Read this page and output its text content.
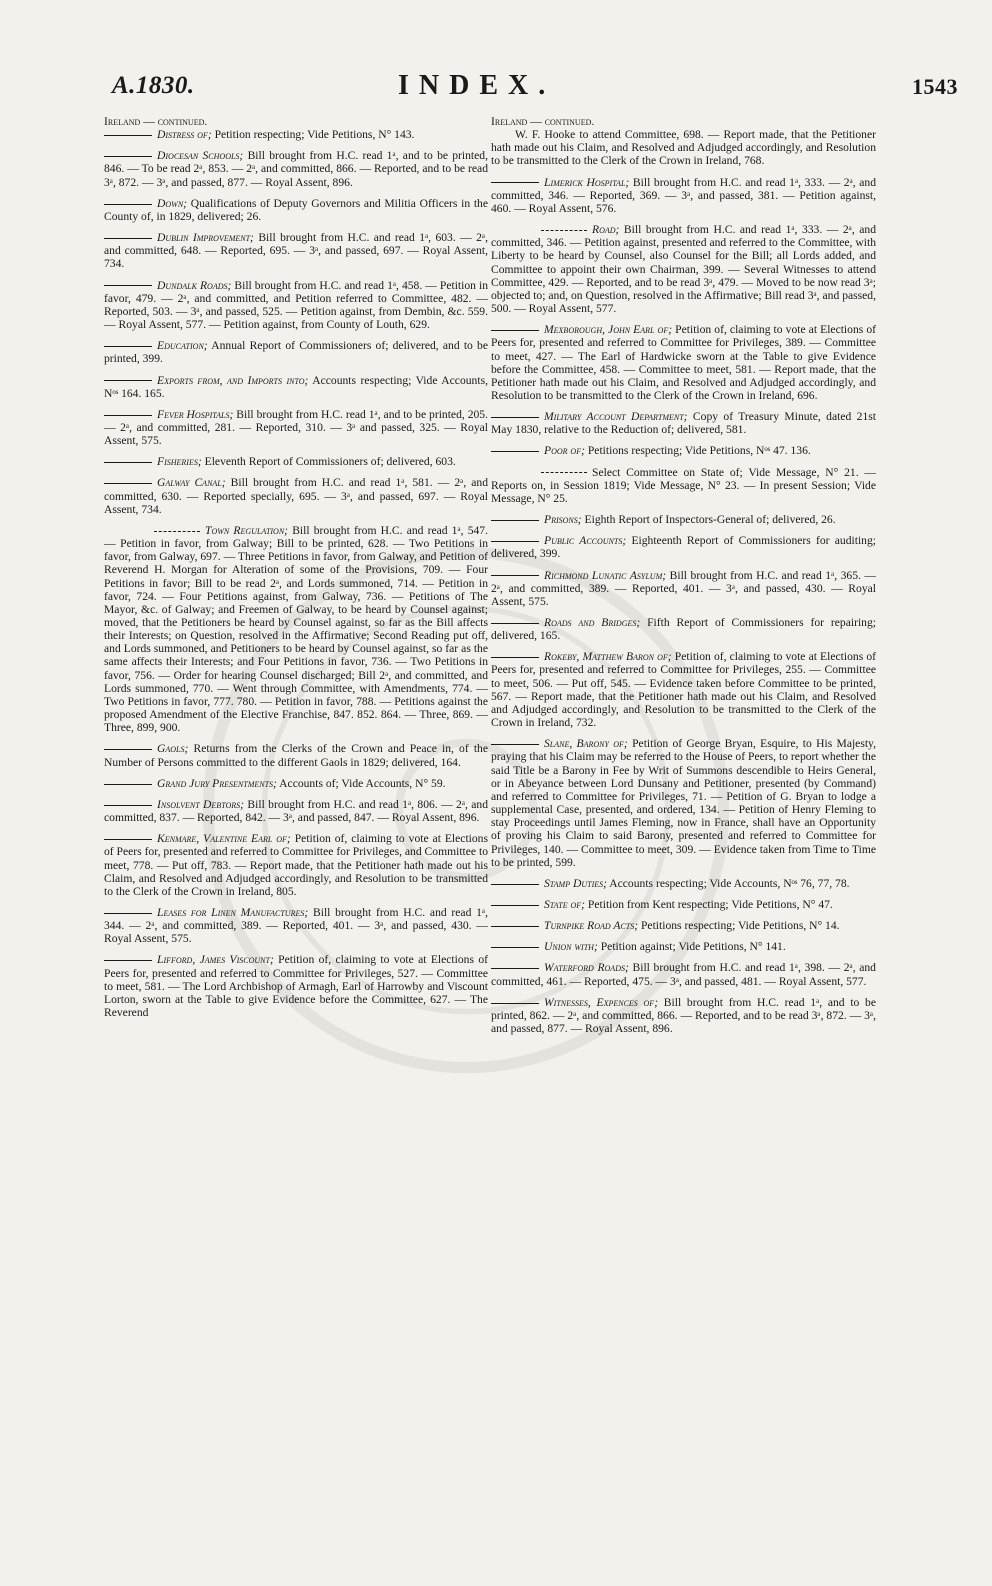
A.1830.	INDEX.	1543
Ireland — continued.
Distress of; Petition respecting; Vide Petitions, N° 143.
Diocesan Schools; Bill brought from H.C. read 1ᵃ, and to be printed, 846. — To be read 2ᵃ, 853. — 2ᵃ, and committed, 866. — Reported, and to be read 3ᵃ, 872. — 3ᵃ, and passed, 877. — Royal Assent, 896.
Down; Qualifications of Deputy Governors and Militia Officers in the County of, in 1829, delivered; 26.
Dublin Improvement; Bill brought from H.C. and read 1ᵃ, 603. — 2ᵃ, and committed, 648. — Reported, 695. — 3ᵃ, and passed, 697. — Royal Assent, 734.
Dundalk Roads; Bill brought from H.C. and read 1ᵃ, 458. — Petition in favor, 479. — 2ᵃ, and committed, and Petition referred to Committee, 482. — Reported, 503. — 3ᵃ, and passed, 525. — Petition against, from Dembin, &c. 559. — Royal Assent, 577. — Petition against, from County of Louth, 629.
Education; Annual Report of Commissioners of; delivered, and to be printed, 399.
Exports from, and Imports into; Accounts respecting; Vide Accounts, Nᵒˢ 164. 165.
Fever Hospitals; Bill brought from H.C. read 1ᵃ, and to be printed, 205. — 2ᵃ, and committed, 281. — Reported, 310. — 3ᵃ and passed, 325. — Royal Assent, 575.
Fisheries; Eleventh Report of Commissioners of; delivered, 603.
Galway Canal; Bill brought from H.C. and read 1ᵃ, 581. — 2ᵃ, and committed, 630. — Reported specially, 695. — 3ᵃ, and passed, 697. — Royal Assent, 734.
Town Regulation; Bill brought from H.C. and read 1ᵃ, 547. — Petition in favor, from Galway; Bill to be printed, 628. — Two Petitions in favor, from Galway, 697. — Three Petitions in favor, from Galway, and Petition of Reverend H. Morgan for Alteration of some of the Provisions, 709. — Four Petitions in favor; Bill to be read 2ᵃ, and Lords summoned, 714. — Petition in favor, 724. — Four Petitions against, from Galway, 736. — Petitions of The Mayor, &c. of Galway; and Freemen of Galway, to be heard by Counsel against; moved, that the Petitioners be heard by Counsel against, so far as the Bill affects their Interests; on Question, resolved in the Affirmative; Second Reading put off, and Lords summoned, and Petitioners to be heard by Counsel against, so far as the same affects their Interests; and Four Petitions in favor, 736. — Two Petitions in favor, 756. — Order for hearing Counsel discharged; Bill 2ᵃ, and committed, and Lords summoned, 770. — Went through Committee, with Amendments, 774. — Two Petitions in favor, 777. 780. — Petition in favor, 788. — Petitions against the proposed Amendment of the Elective Franchise, 847. 852. 864. — Three, 869. — Three, 899, 900.
Gaols; Returns from the Clerks of the Crown and Peace in, of the Number of Persons committed to the different Gaols in 1829; delivered, 164.
Grand Jury Presentments; Accounts of; Vide Accounts, N° 59.
Insolvent Debtors; Bill brought from H.C. and read 1ᵃ, 806. — 2ᵃ, and committed, 837. — Reported, 842. — 3ᵃ, and passed, 847. — Royal Assent, 896.
Kenmare, Valentine Earl of; Petition of, claiming to vote at Elections of Peers for, presented and referred to Committee for Privileges, and Committee to meet, 778. — Put off, 783. — Report made, that the Petitioner hath made out his Claim, and Resolved and Adjudged accordingly, and Resolution to be transmitted to the Clerk of the Crown in Ireland, 805.
Leases for Linen Manufactures; Bill brought from H.C. and read 1ᵃ, 344. — 2ᵃ, and committed, 389. — Reported, 401. — 3ᵃ, and passed, 430. — Royal Assent, 575.
Lifford, James Viscount; Petition of, claiming to vote at Elections of Peers for, presented and referred to Committee for Privileges, 527. — Committee to meet, 581. — The Lord Archbishop of Armagh, Earl of Harrowby and Viscount Lorton, sworn at the Table to give Evidence before the Committee, 627. — The Reverend
Ireland — continued.
W. F. Hooke to attend Committee, 698. — Report made, that the Petitioner hath made out his Claim, and Resolved and Adjudged accordingly, and Resolution to be transmitted to the Clerk of the Crown in Ireland, 768.
Limerick Hospital; Bill brought from H.C. and read 1ᵃ, 333. — 2ᵃ, and committed, 346. — Reported, 369. — 3ᵃ, and passed, 381. — Petition against, 460. — Royal Assent, 576.
Road; Bill brought from H.C. and read 1ᵃ, 333. — 2ᵃ, and committed, 346. — Petition against, presented and referred to the Committee, with Liberty to be heard by Counsel, also Counsel for the Bill; all Lords added, and Committee to appoint their own Chairman, 399. — Several Witnesses to attend Committee, 429. — Reported, and to be read 3ᵃ, 479. — Moved to be now read 3ᵃ; objected to; and, on Question, resolved in the Affirmative; Bill read 3ᵃ, and passed, 500. — Royal Assent, 577.
Mexborough, John Earl of; Petition of, claiming to vote at Elections of Peers for, presented and referred to Committee for Privileges, 389. — Committee to meet, 427. — The Earl of Hardwicke sworn at the Table to give Evidence before the Committee, 458. — Committee to meet, 581. — Report made, that the Petitioner hath made out his Claim, and Resolved and Adjudged accordingly, and Resolution to be transmitted to the Clerk of the Crown in Ireland, 696.
Military Account Department; Copy of Treasury Minute, dated 21st May 1830, relative to the Reduction of; delivered, 581.
Poor of; Petitions respecting; Vide Petitions, Nᵒˢ 47. 136.
Select Committee on State of; Vide Message, N° 21. — Reports on, in Session 1819; Vide Message, N° 23. — In present Session; Vide Message, N° 25.
Prisons; Eighth Report of Inspectors-General of; delivered, 26.
Public Accounts; Eighteenth Report of Commissioners for auditing; delivered, 399.
Richmond Lunatic Asylum; Bill brought from H.C. and read 1ᵃ, 365. — 2ᵃ, and committed, 389. — Reported, 401. — 3ᵃ, and passed, 430. — Royal Assent, 575.
Roads and Bridges; Fifth Report of Commissioners for repairing; delivered, 165.
Rokeby, Matthew Baron of; Petition of, claiming to vote at Elections of Peers for, presented and referred to Committee for Privileges, 255. — Committee to meet, 506. — Put off, 545. — Evidence taken before Committee to be printed, 567. — Report made, that the Petitioner hath made out his Claim, and Resolved and Adjudged accordingly, and Resolution to be transmitted to the Clerk of the Crown in Ireland, 732.
Slane, Barony of; Petition of George Bryan, Esquire, to His Majesty, praying that his Claim may be referred to the House of Peers, to report whether the said Title be a Barony in Fee by Writ of Summons descendible to Heirs General, or in Abeyance between Lord Dunsany and Petitioner, presented (by Command) and referred to Committee for Privileges, 71. — Petition of G. Bryan to lodge a supplemental Case, presented, and ordered, 134. — Petition of Henry Fleming to stay Proceedings until James Fleming, now in France, shall have an Opportunity of proving his Claim to said Barony, presented and referred to Committee for Privileges, 140. — Committee to meet, 309. — Evidence taken from Time to Time to be printed, 599.
Stamp Duties; Accounts respecting; Vide Accounts, Nᵒˢ 76, 77, 78.
State of; Petition from Kent respecting; Vide Petitions, N° 47.
Turnpike Road Acts; Petitions respecting; Vide Petitions, N° 14.
Union with; Petition against; Vide Petitions, N° 141.
Waterford Roads; Bill brought from H.C. and read 1ᵃ, 398. — 2ᵃ, and committed, 461. — Reported, 475. — 3ᵃ, and passed, 481. — Royal Assent, 577.
Witnesses, Expences of; Bill brought from H.C. read 1ᵃ, and to be printed, 862. — 2ᵃ, and committed, 866. — Reported, and to be read 3ᵃ, 872. — 3ᵃ, and passed, 877. — Royal Assent, 896.
